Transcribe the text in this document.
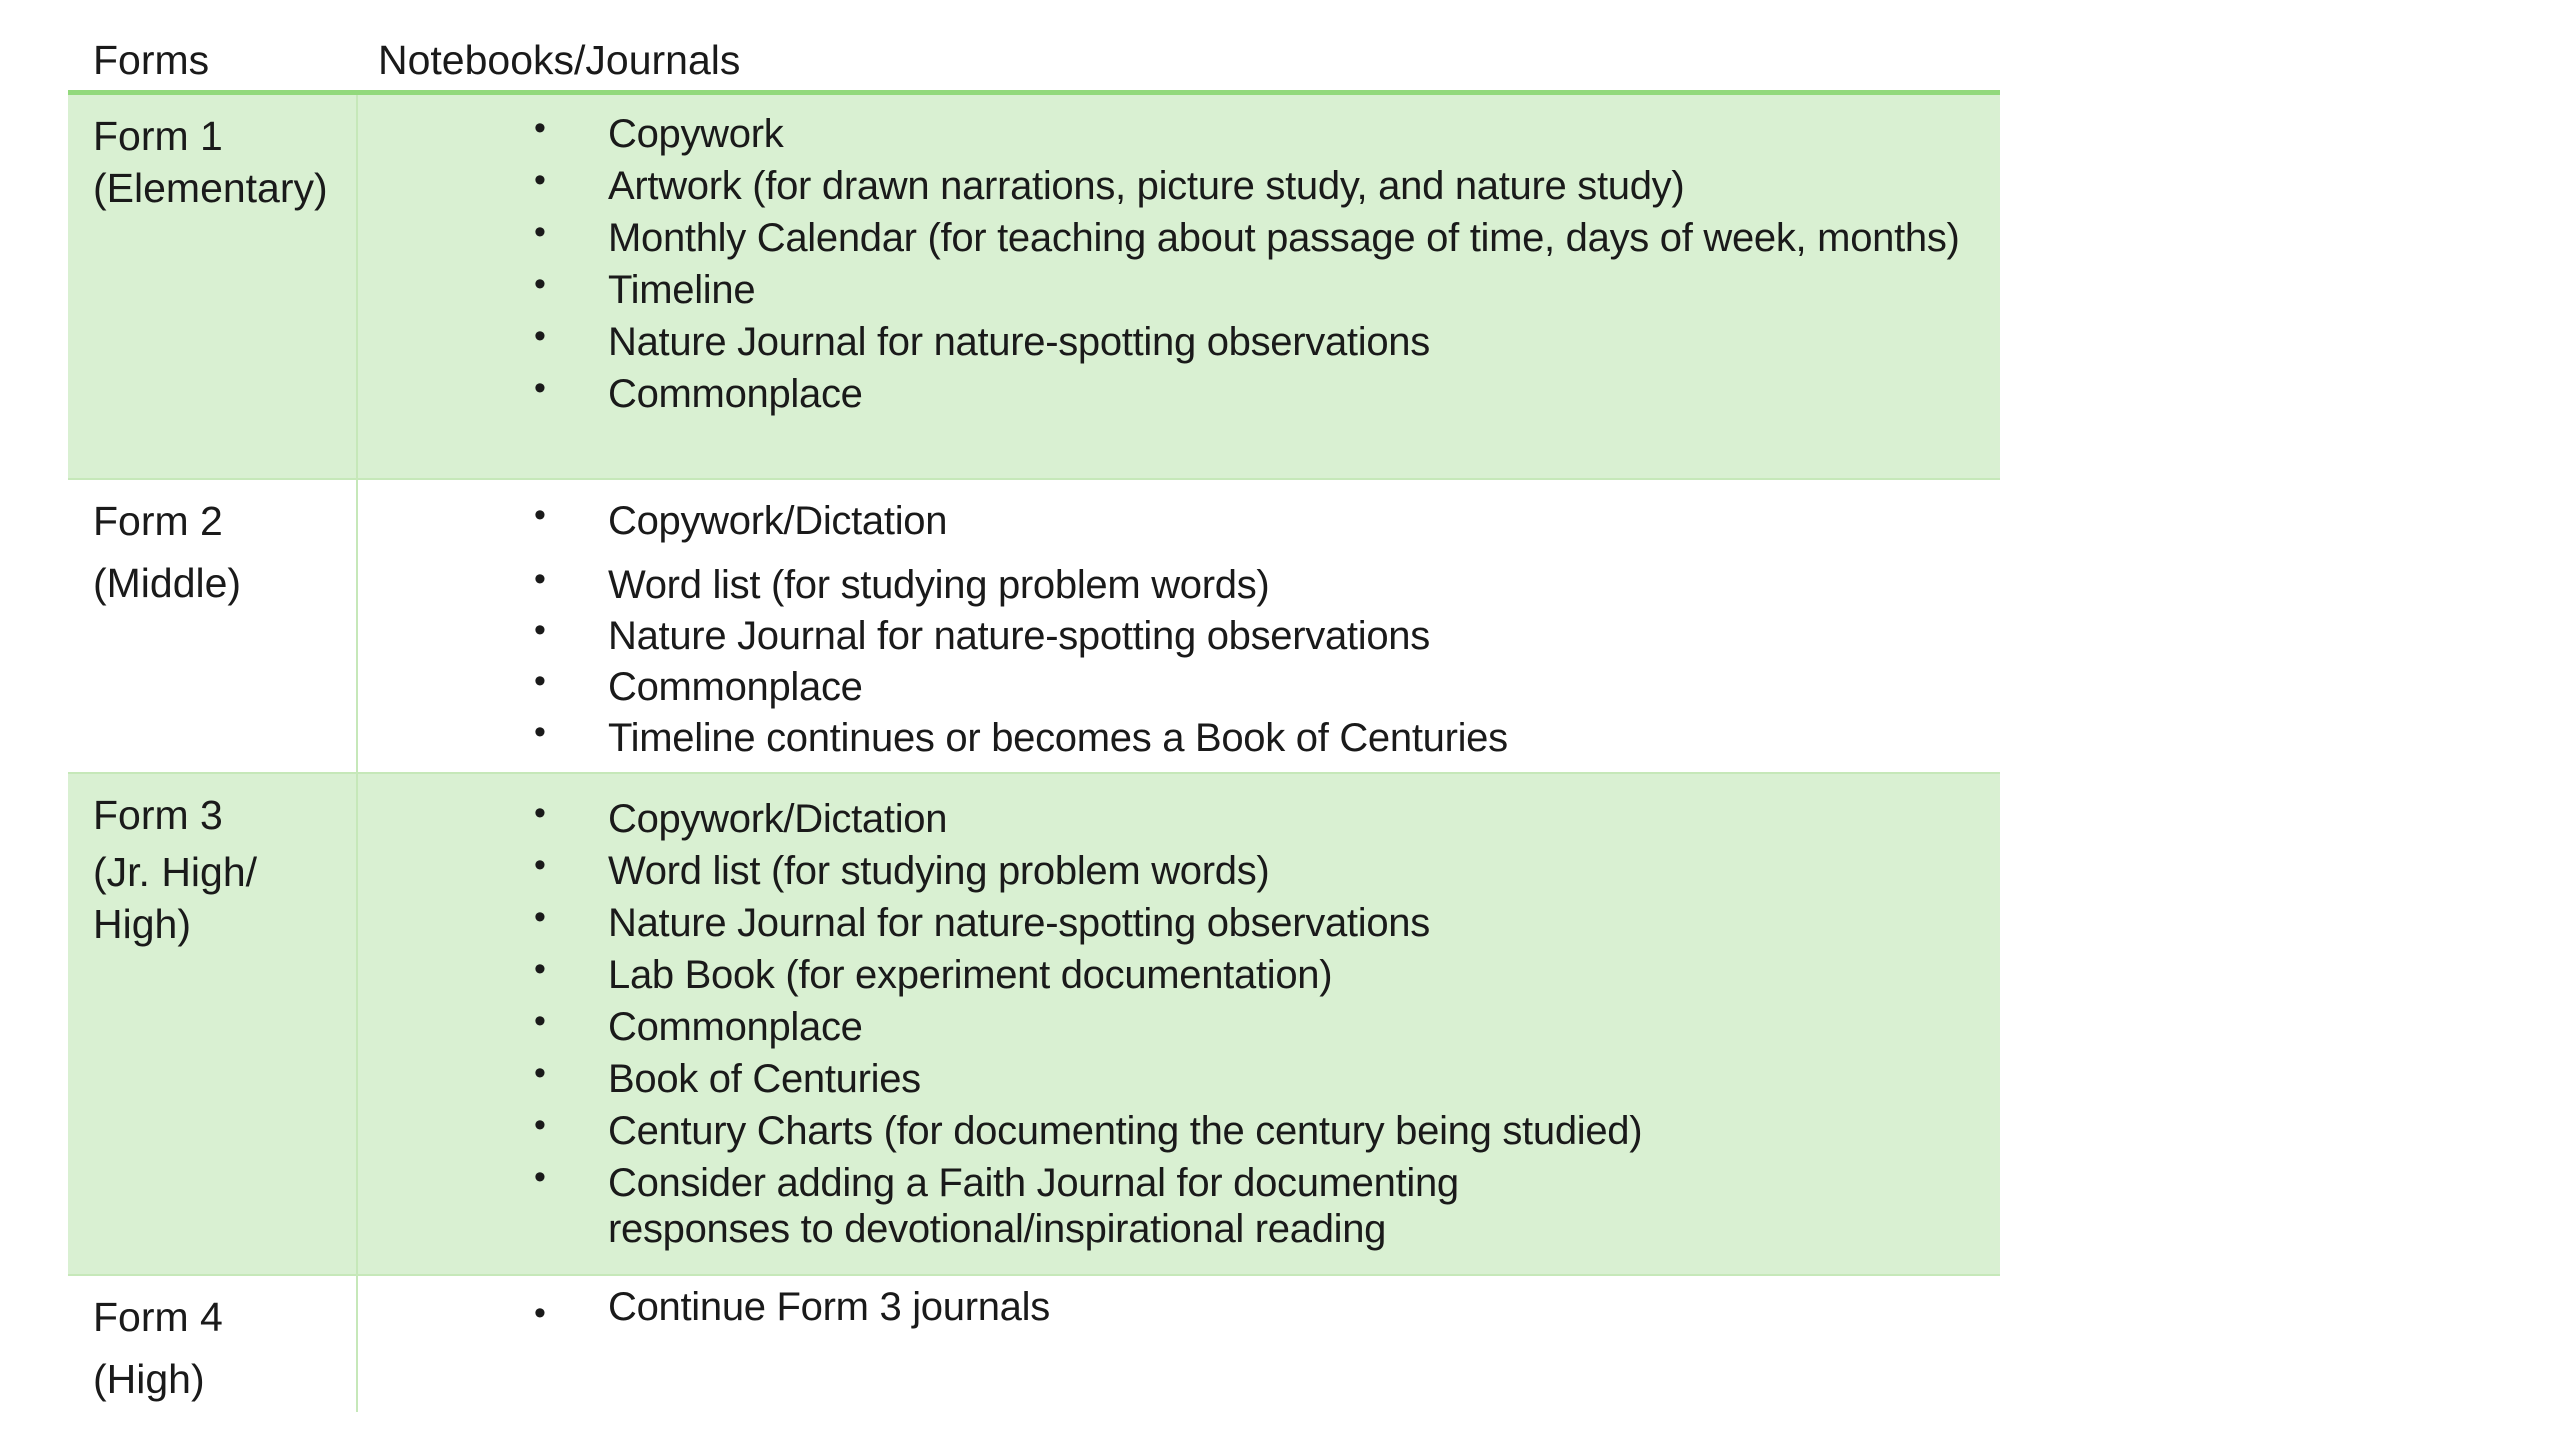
Forms	Notebooks/Journals
Form 1
(Elementary)
• Copywork
• Artwork (for drawn narrations, picture study, and nature study)
• Monthly Calendar (for teaching about passage of time, days of week, months)
• Timeline
• Nature Journal for nature-spotting observations
• Commonplace
Form 2
(Middle)
• Copywork/Dictation
• Word list (for studying problem words)
• Nature Journal for nature-spotting observations
• Commonplace
• Timeline continues or becomes a Book of Centuries
Form 3
(Jr. High/
High)
• Copywork/Dictation
• Word list (for studying problem words)
• Nature Journal for nature-spotting observations
• Lab Book (for experiment documentation)
• Commonplace
• Book of Centuries
• Century Charts (for documenting the century being studied)
• Consider adding a Faith Journal for documenting responses to devotional/inspirational reading
Form 4
(High)
• Continue Form 3 journals
